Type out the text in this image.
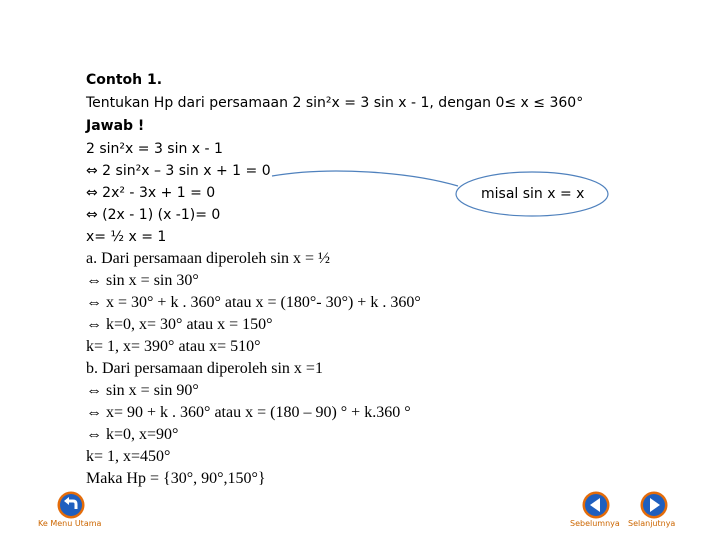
Contoh 1.
Tentukan Hp dari persamaan 2 sin²x = 3 sin x - 1, dengan 0≤ x ≤ 360°
Jawab !
2 sin²x = 3 sin x - 1
⇔ 2 sin²x – 3 sin x + 1 = 0
⇔ 2x² - 3x + 1 = 0
⇔ (2x - 1) (x -1)= 0
x= ½ x = 1
a. Dari persamaan diperoleh sin x = ½
⇔ sin x = sin 30°
⇔ x = 30° + k . 360° atau x = (180°- 30°) + k . 360°
⇔ k=0, x= 30° atau x = 150°
k= 1, x= 390° atau x= 510°
b. Dari persamaan diperoleh sin x =1
⇔ sin x = sin 90°
⇔ x= 90 + k . 360° atau x = (180 – 90) ° + k.360 °
⇔ k=0, x=90°
k= 1, x=450°
Maka Hp = {30°, 90°,150°}
misal sin x = x
Ke Menu Utama	Sebelumnya Selanjutnya
